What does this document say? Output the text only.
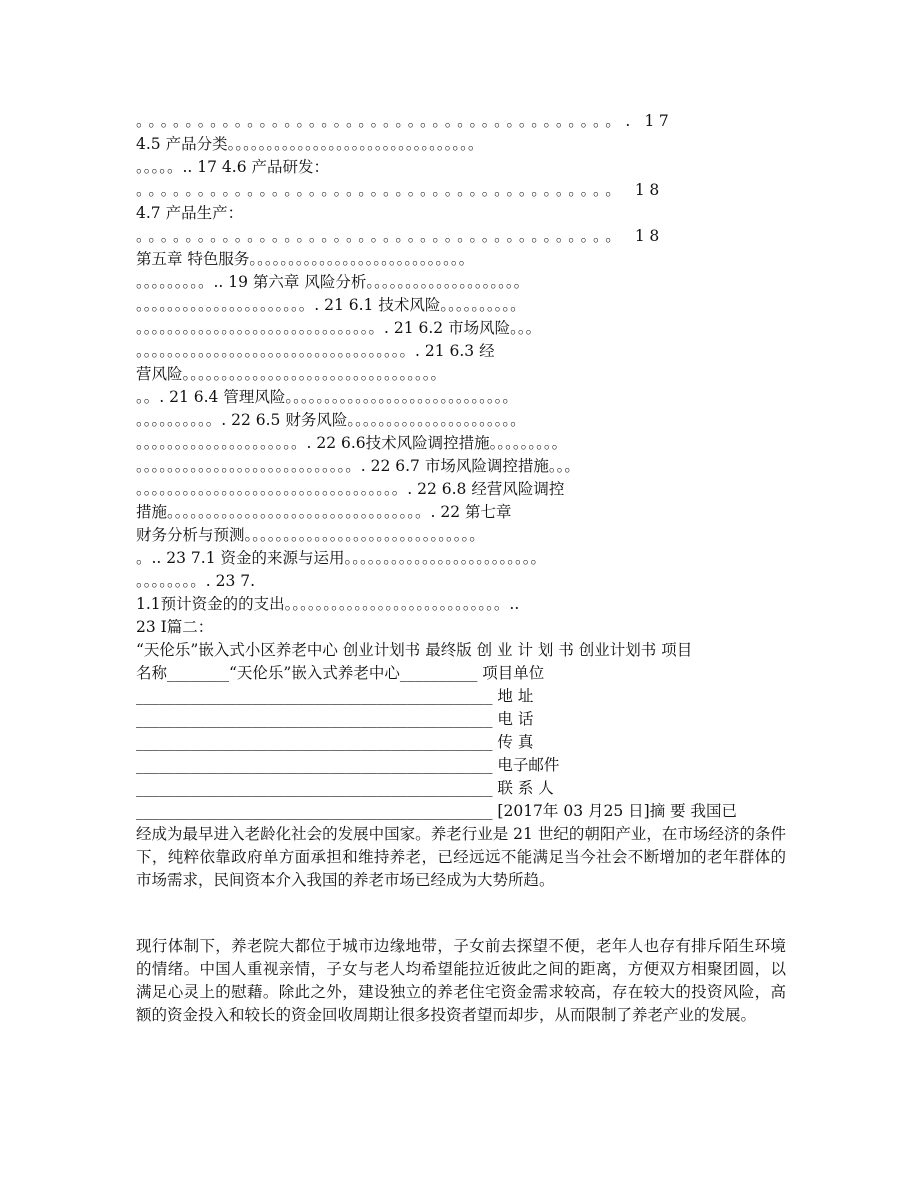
。。。。。。。。。。。。。。。。。。。。。。。。。。。。。。。。。。。。。。。. 17
4.5 产品分类。。。。。。。。。。。。。。。。。。。。。。。。。。。。。。。。
。。。。。.. 17 4.6 产品研发：
。。。。。。。。。。。。。。。。。。。。。。。。。。。。。。。。。。。。。。。 18
4.7 产品生产：
。。。。。。。。。。。。。。。。。。。。。。。。。。。。。。。。。。。。。。。 18
第五章 特色服务。。。。。。。。。。。。。。。。。。。。。。。。。。。。
。。。。。。。。。.. 19 第六章 风险分析。。。。。。。。。。。。。。。。。。。。
。。。。。。。。。。。。。。。。。。。。。。. 21 6.1 技术风险。。。。。。。。。。
。。。。。。。。。。。。。。。。。。。。。。。。。。。。。。。. 21 6.2 市场风险。。。
。。。。。。。。。。。。。。。。。。。。。。。。。。。。。。。。。。。. 21 6.3 经
营风险。。。。。。。。。。。。。。。。。。。。。。。。。。。。。。。。。
。。. 21 6.4 管理风险。。。。。。。。。。。。。。。。。。。。。。。。。。。。。
。。。。。。。。。。. 22 6.5 财务风险。。。。。。。。。。。。。。。。。。。。。。
。。。。。。。。。。。。。。。。。。。。。. 22 6.6技术风险调控措施。。。。。。。。。
。。。。。。。。。。。。。。。。。。。。。。。。。。。。. 22 6.7 市场风险调控措施。。。
。。。。。。。。。。。。。。。。。。。。。。。。。。。。。。。。。。. 22 6.8 经营风险调控
措施。。。。。。。。。。。。。。。。。。。。。。。。。。。。。。。。。. 22 第七章
财务分析与预测。。。。。。。。。。。。。。。。。。。。。。。。。。。。。。
。.. 23 7.1 资金的来源与运用。。。。。。。。。。。。。。。。。。。。。。。。。
。。。。。。。。. 23 7.
1.1预计资金的的支出。。。。。。。。。。。。。。。。。。。。。。。。。。。。..
23 I篇二：
“天伦乐”嵌入式小区养老中心 创业计划书 最终版 创 业 计 划 书 创业计划书 项目
名称________“天伦乐”嵌入式养老中心__________ 项目单位
______________________________________________ 地 址
______________________________________________ 电 话
______________________________________________ 传 真
______________________________________________ 电子邮件
______________________________________________ 联 系 人
______________________________________________ [2017年 03 月25 日]摘 要 我国已
经成为最早进入老龄化社会的发展中国家。养老行业是 21 世纪的朝阳产业，在市场经济的条件下，纯粹依靠政府单方面承担和维持养老，已经远远不能满足当今社会不断增加的老年群体的市场需求，民间资本介入我国的养老市场已经成为大势所趋。
现行体制下，养老院大都位于城市边缘地带，子女前去探望不便，老年人也存有排斥陌生环境的情绪。中国人重视亲情，子女与老人均希望能拉近彼此之间的距离，方便双方相聚团圆，以满足心灵上的慰藉。除此之外，建设独立的养老住宅资金需求较高，存在较大的投资风险，高额的资金投入和较长的资金回收周期让很多投资者望而却步，从而限制了养老产业的发展。
